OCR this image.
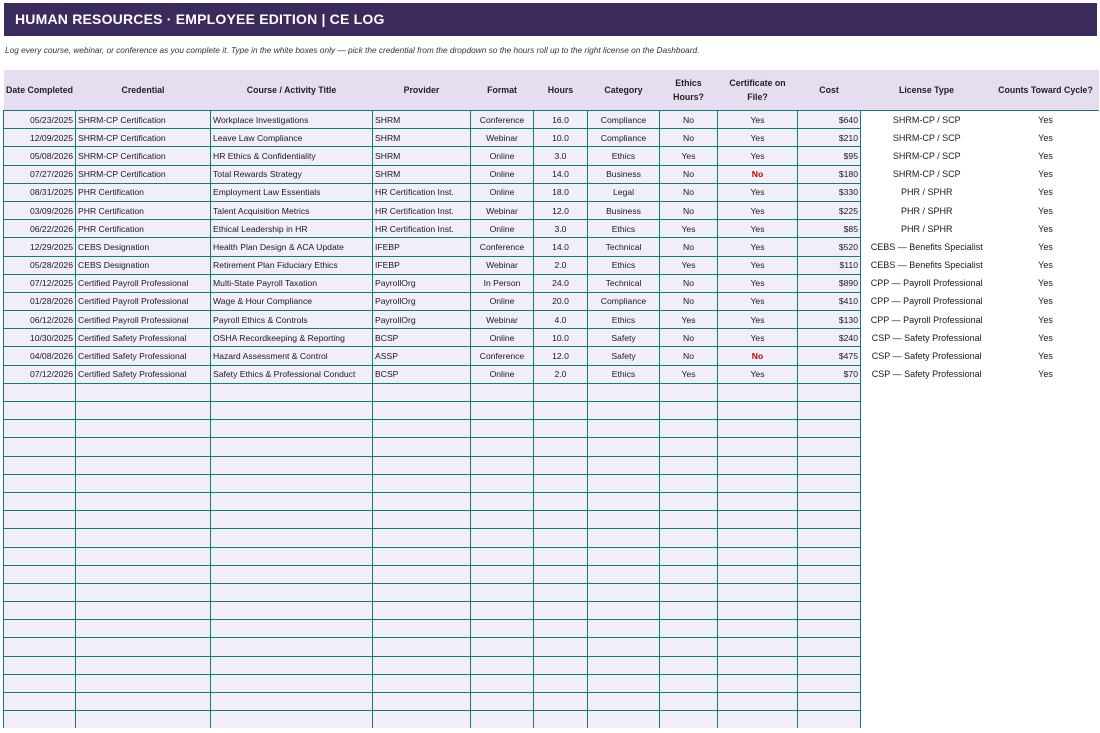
HUMAN RESOURCES · EMPLOYEE EDITION | CE LOG
Log every course, webinar, or conference as you complete it. Type in the white boxes only — pick the credential from the dropdown so the hours roll up to the right license on the Dashboard.
Date Completed	Credential	Course / Activity Title	Provider	Format	Hours	Category	Ethics Hours?	Certificate on File?	Cost	License Type	Counts Toward Cycle?
05/23/2025	SHRM-CP Certification	Workplace Investigations	SHRM	Conference	16.0	Compliance	No	Yes	$640	SHRM-CP / SCP	Yes
12/09/2025	SHRM-CP Certification	Leave Law Compliance	SHRM	Webinar	10.0	Compliance	No	Yes	$210	SHRM-CP / SCP	Yes
05/08/2026	SHRM-CP Certification	HR Ethics & Confidentiality	SHRM	Online	3.0	Ethics	Yes	Yes	$95	SHRM-CP / SCP	Yes
07/27/2026	SHRM-CP Certification	Total Rewards Strategy	SHRM	Online	14.0	Business	No	No	$180	SHRM-CP / SCP	Yes
08/31/2025	PHR Certification	Employment Law Essentials	HR Certification Inst.	Online	18.0	Legal	No	Yes	$330	PHR / SPHR	Yes
03/09/2026	PHR Certification	Talent Acquisition Metrics	HR Certification Inst.	Webinar	12.0	Business	No	Yes	$225	PHR / SPHR	Yes
06/22/2026	PHR Certification	Ethical Leadership in HR	HR Certification Inst.	Online	3.0	Ethics	Yes	Yes	$85	PHR / SPHR	Yes
12/29/2025	CEBS Designation	Health Plan Design & ACA Update	IFEBP	Conference	14.0	Technical	No	Yes	$520	CEBS — Benefits Specialist	Yes
05/28/2026	CEBS Designation	Retirement Plan Fiduciary Ethics	IFEBP	Webinar	2.0	Ethics	Yes	Yes	$110	CEBS — Benefits Specialist	Yes
07/12/2025	Certified Payroll Professional	Multi-State Payroll Taxation	PayrollOrg	In Person	24.0	Technical	No	Yes	$890	CPP — Payroll Professional	Yes
01/28/2026	Certified Payroll Professional	Wage & Hour Compliance	PayrollOrg	Online	20.0	Compliance	No	Yes	$410	CPP — Payroll Professional	Yes
06/12/2026	Certified Payroll Professional	Payroll Ethics & Controls	PayrollOrg	Webinar	4.0	Ethics	Yes	Yes	$130	CPP — Payroll Professional	Yes
10/30/2025	Certified Safety Professional	OSHA Recordkeeping & Reporting	BCSP	Online	10.0	Safety	No	Yes	$240	CSP — Safety Professional	Yes
04/08/2026	Certified Safety Professional	Hazard Assessment & Control	ASSP	Conference	12.0	Safety	No	No	$475	CSP — Safety Professional	Yes
07/12/2026	Certified Safety Professional	Safety Ethics & Professional Conduct	BCSP	Online	2.0	Ethics	Yes	Yes	$70	CSP — Safety Professional	Yes
